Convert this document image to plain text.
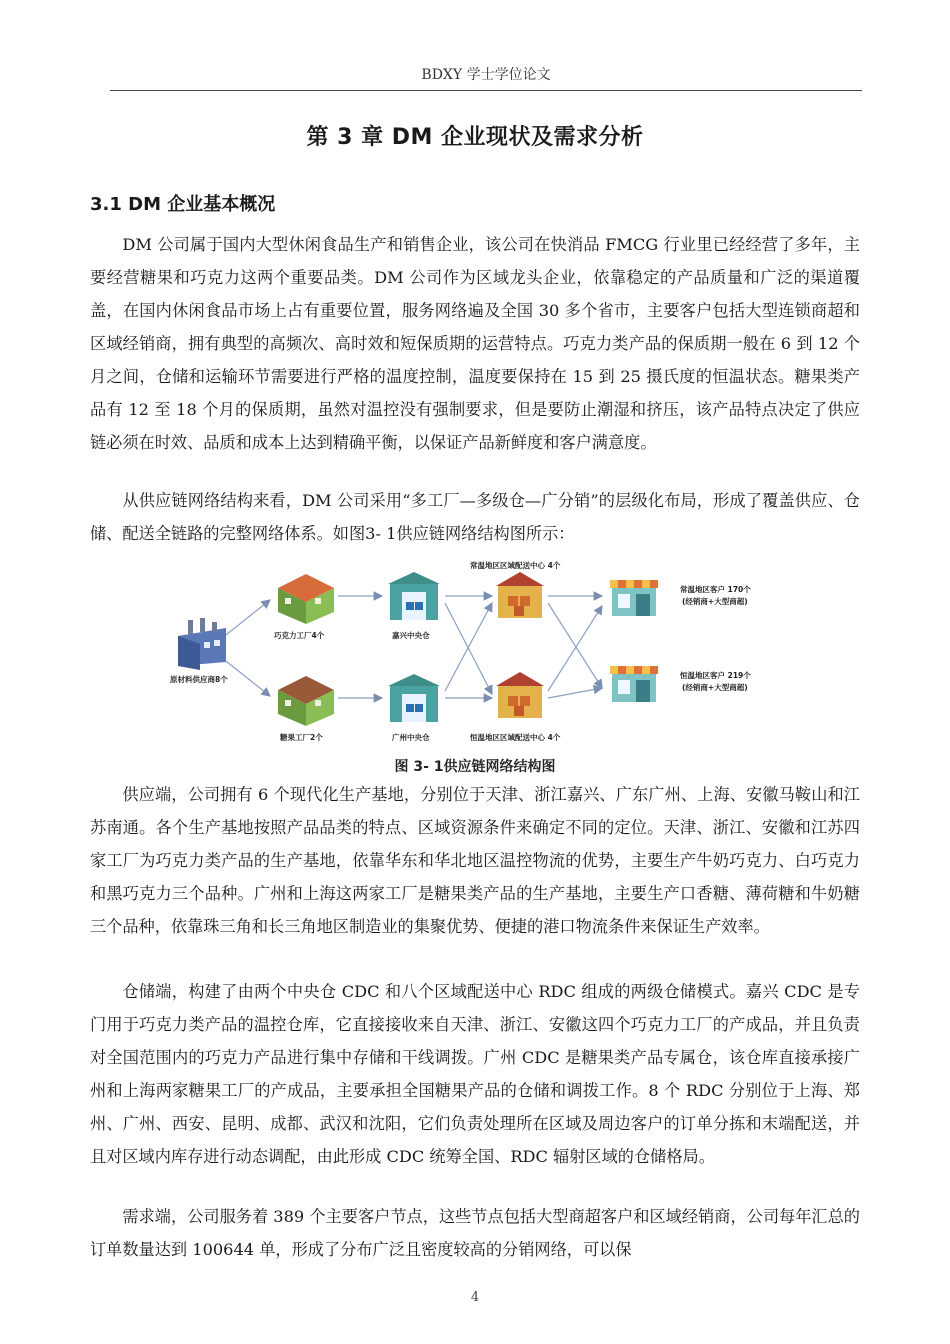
BDXY 学士学位论文
第 3 章 DM 企业现状及需求分析
3.1 DM 企业基本概况

DM 公司属于国内大型休闲食品生产和销售企业，该公司在快消品 FMCG 行业里已经经营了多年，主要经营糖果和巧克力这两个重要品类。DM 公司作为区域龙头企业，依靠稳定的产品质量和广泛的渠道覆盖，在国内休闲食品市场上占有重要位置，服务网络遍及全国 30 多个省市，主要客户包括大型连锁商超和区域经销商，拥有典型的高频次、高时效和短保质期的运营特点。巧克力类产品的保质期一般在 6 到 12 个月之间，仓储和运输环节需要进行严格的温度控制，温度要保持在 15 到 25 摄氏度的恒温状态。糖果类产品有 12 至 18 个月的保质期，虽然对温控没有强制要求，但是要防止潮湿和挤压，该产品特点决定了供应链必须在时效、品质和成本上达到精确平衡，以保证产品新鲜度和客户满意度。

从供应链网络结构来看，DM 公司采用“多工厂—多级仓—广分销”的层级化布局，形成了覆盖供应、仓储、配送全链路的完整网络体系。如图3- 1供应链网络结构图所示：

原材料供应商8个
巧克力工厂4个
糖果工厂2个
嘉兴中央仓
广州中央仓
常温地区区域配送中心 4个
恒温地区区域配送中心 4个
常温地区客户 170个
(经销商+大型商超)
恒温地区客户 219个
(经销商+大型商超)
图 3- 1供应链网络结构图

供应端，公司拥有 6 个现代化生产基地，分别位于天津、浙江嘉兴、广东广州、上海、安徽马鞍山和江苏南通。各个生产基地按照产品品类的特点、区域资源条件来确定不同的定位。天津、浙江、安徽和江苏四家工厂为巧克力类产品的生产基地，依靠华东和华北地区温控物流的优势，主要生产牛奶巧克力、白巧克力和黑巧克力三个品种。广州和上海这两家工厂是糖果类产品的生产基地，主要生产口香糖、薄荷糖和牛奶糖三个品种，依靠珠三角和长三角地区制造业的集聚优势、便捷的港口物流条件来保证生产效率。

仓储端，构建了由两个中央仓 CDC 和八个区域配送中心 RDC 组成的两级仓储模式。嘉兴 CDC 是专门用于巧克力类产品的温控仓库，它直接接收来自天津、浙江、安徽这四个巧克力工厂的产成品，并且负责对全国范围内的巧克力产品进行集中存储和干线调拨。广州 CDC 是糖果类产品专属仓，该仓库直接承接广州和上海两家糖果工厂的产成品，主要承担全国糖果产品的仓储和调拨工作。8 个 RDC 分别位于上海、郑州、广州、西安、昆明、成都、武汉和沈阳，它们负责处理所在区域及周边客户的订单分拣和末端配送，并且对区域内库存进行动态调配，由此形成 CDC 统筹全国、RDC 辐射区域的仓储格局。

需求端，公司服务着 389 个主要客户节点，这些节点包括大型商超客户和区域经销商，公司每年汇总的订单数量达到 100644 单，形成了分布广泛且密度较高的分销网络，可以保

4
